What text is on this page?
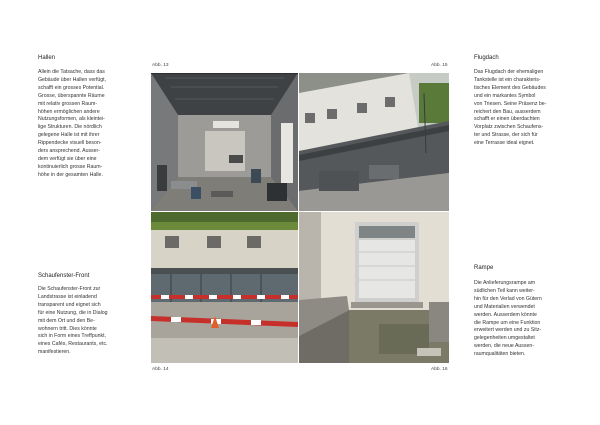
Hallen

Allein die Tatsache, dass das
Gebäude über Hallen verfügt,
schafft ein grosses Potential.
Grosse, überspannte Räume
mit relativ grossen Raum-
höhen ermöglichen andere
Nutzungsformen, als kleintei-
lige Strukturen. Die nördlich
gelegene Halle ist mit ihrer
Rippendecke visuell beson-
ders ansprechend. Ausser-
dem verfügt sie über eine
kontinuierlich grosse Raum-
höhe in der gesamten Halle.

Schaufenster-Front

Die Schaufenster-Front zur
Landstrasse ist einladend
transparent und eignet sich
für eine Nutzung, die in Dialog
mit dem Ort und den Be-
wohnern tritt. Dies könnte
sich in Form eines Treffpunkt,
eines Cafés, Restaurants, etc.
manifestieren.

Flugdach

Das Flugdach der ehemaligen
Tankstelle ist ein charakteris-
tisches Element des Gebäudes
und ein markantes Symbol
von Triesen. Seine Präsenz be-
reichert den Bau, ausserdem
schafft er einen überdachten
Vorplatz zwischen Schaufens-
ter und Strasse, der sich für
eine Terrasse ideal eignet.

Rampe

Die Anlieferungsrampe am
südlichen Teil kann weiter-
hin für den Verlad von Gütern
und Materialien verwendet
werden. Ausserdem könnte
die Rampe um eine Funktion
erweitert werden und zu Sitz-
gelegenheiten umgestaltet
werden, die neue Aussen-
raumqualitäten bieten.

Abb. 13	Abb. 15
Abb. 14	Abb. 16
